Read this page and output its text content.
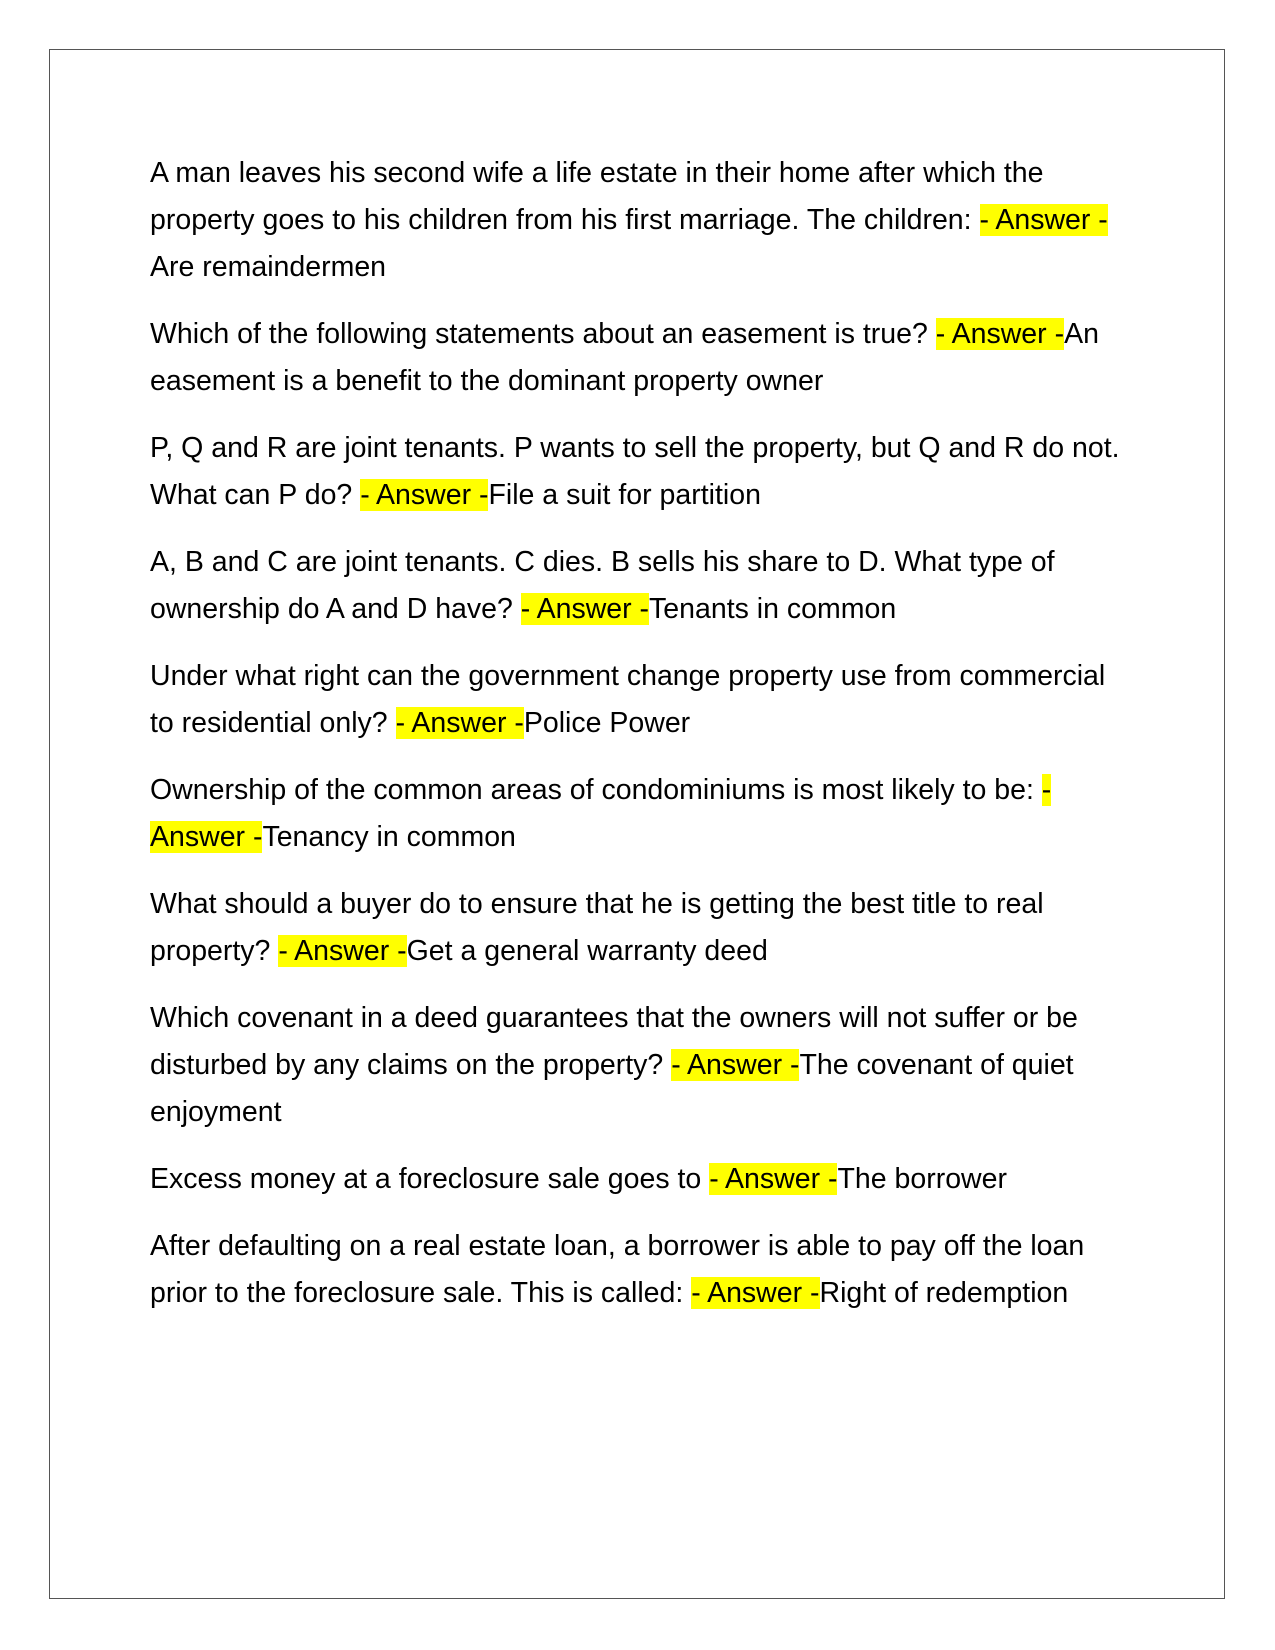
A man leaves his second wife a life estate in their home after which the property goes to his children from his first marriage. The children: - Answer -Are remaindermen

Which of the following statements about an easement is true? - Answer -An easement is a benefit to the dominant property owner

P, Q and R are joint tenants. P wants to sell the property, but Q and R do not. What can P do? - Answer -File a suit for partition

A, B and C are joint tenants. C dies. B sells his share to D. What type of ownership do A and D have? - Answer -Tenants in common

Under what right can the government change property use from commercial to residential only? - Answer -Police Power

Ownership of the common areas of condominiums is most likely to be: - Answer -Tenancy in common

What should a buyer do to ensure that he is getting the best title to real property? - Answer -Get a general warranty deed

Which covenant in a deed guarantees that the owners will not suffer or be disturbed by any claims on the property? - Answer -The covenant of quiet enjoyment

Excess money at a foreclosure sale goes to - Answer -The borrower

After defaulting on a real estate loan, a borrower is able to pay off the loan prior to the foreclosure sale. This is called: - Answer -Right of redemption
